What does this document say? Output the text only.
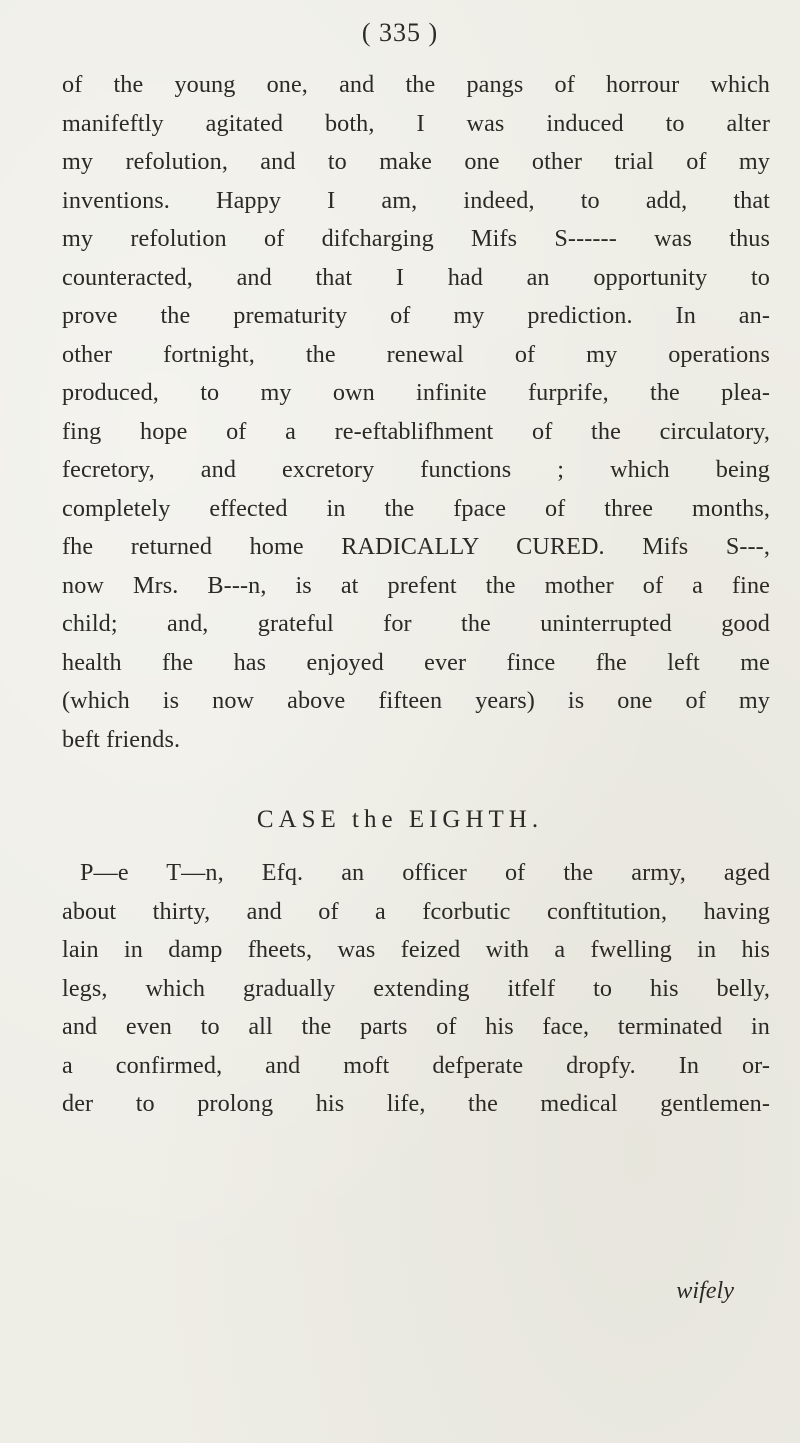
( 335 )
of the young one, and the pangs of horrour which
manifeftly agitated both, I was induced to alter
my refolution, and to make one other trial of my
inventions. Happy I am, indeed, to add, that
my refolution of difcharging Mifs S------ was thus
counteracted, and that I had an opportunity to
prove the prematurity of my prediction. In an-
other fortnight, the renewal of my operations
produced, to my own infinite furprife, the plea-
fing hope of a re-eftablifhment of the circulatory,
fecretory, and excretory functions ; which being
completely effected in the fpace of three months,
fhe returned home RADICALLY CURED. Mifs S---,
now Mrs. B---n, is at prefent the mother of a fine
child; and, grateful for the uninterrupted good
health fhe has enjoyed ever fince fhe left me
(which is now above fifteen years) is one of my
beft friends.
CASE the EIGHTH.
P—e T—n, Efq. an officer of the army, aged
about thirty, and of a fcorbutic conftitution, having
lain in damp fheets, was feized with a fwelling in his
legs, which gradually extending itfelf to his belly,
and even to all the parts of his face, terminated in
a confirmed, and moft defperate dropfy. In or-
der to prolong his life, the medical gentlemen-
wifely
